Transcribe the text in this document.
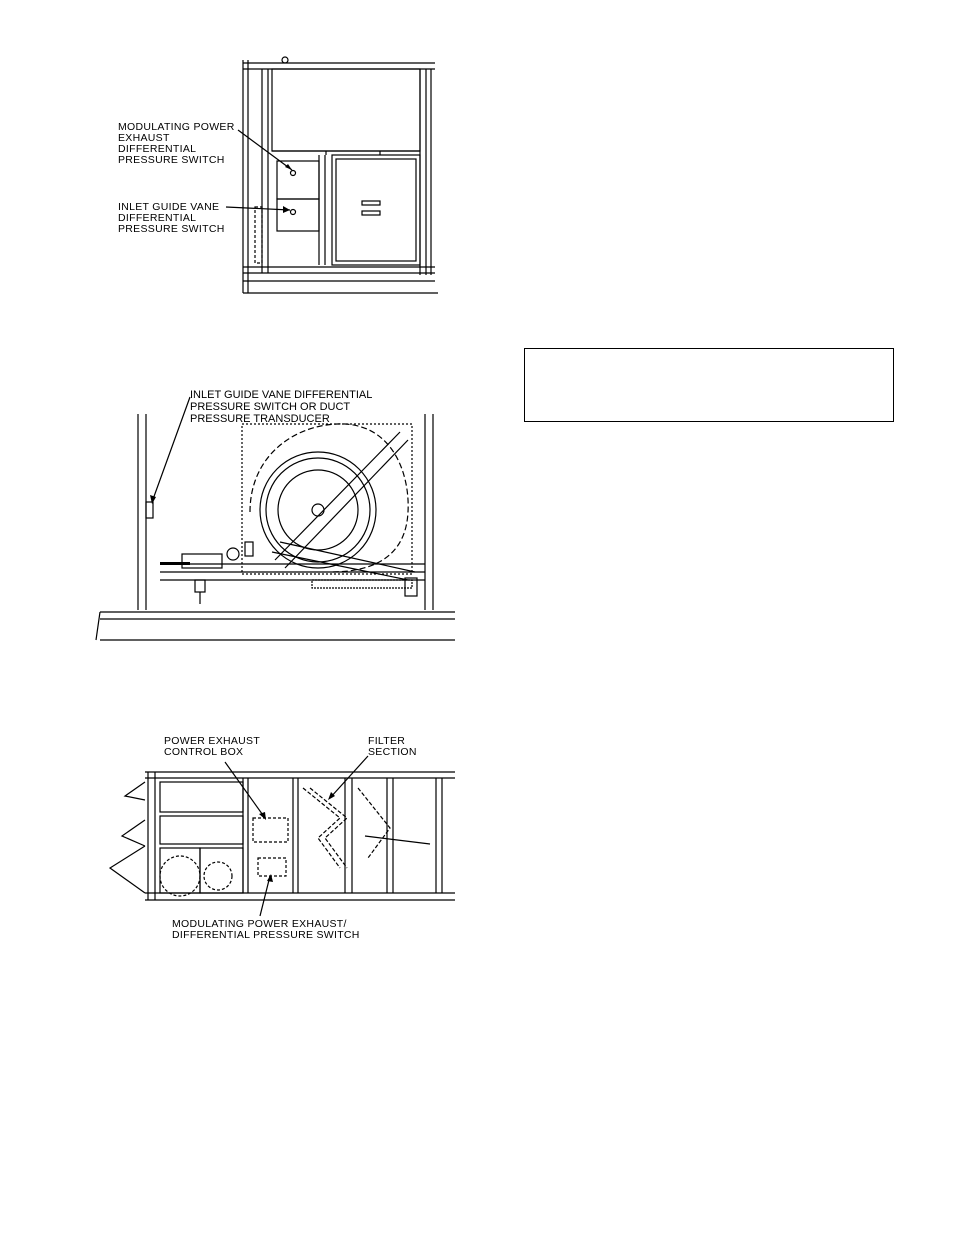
MODULATING POWER
EXHAUST
DIFFERENTIAL
PRESSURE SWITCH
INLET GUIDE VANE
DIFFERENTIAL
PRESSURE SWITCH
INLET GUIDE VANE DIFFERENTIAL
PRESSURE SWITCH OR DUCT
PRESSURE TRANSDUCER
POWER EXHAUST
CONTROL BOX
FILTER
SECTION
MODULATING POWER EXHAUST/
DIFFERENTIAL PRESSURE SWITCH
